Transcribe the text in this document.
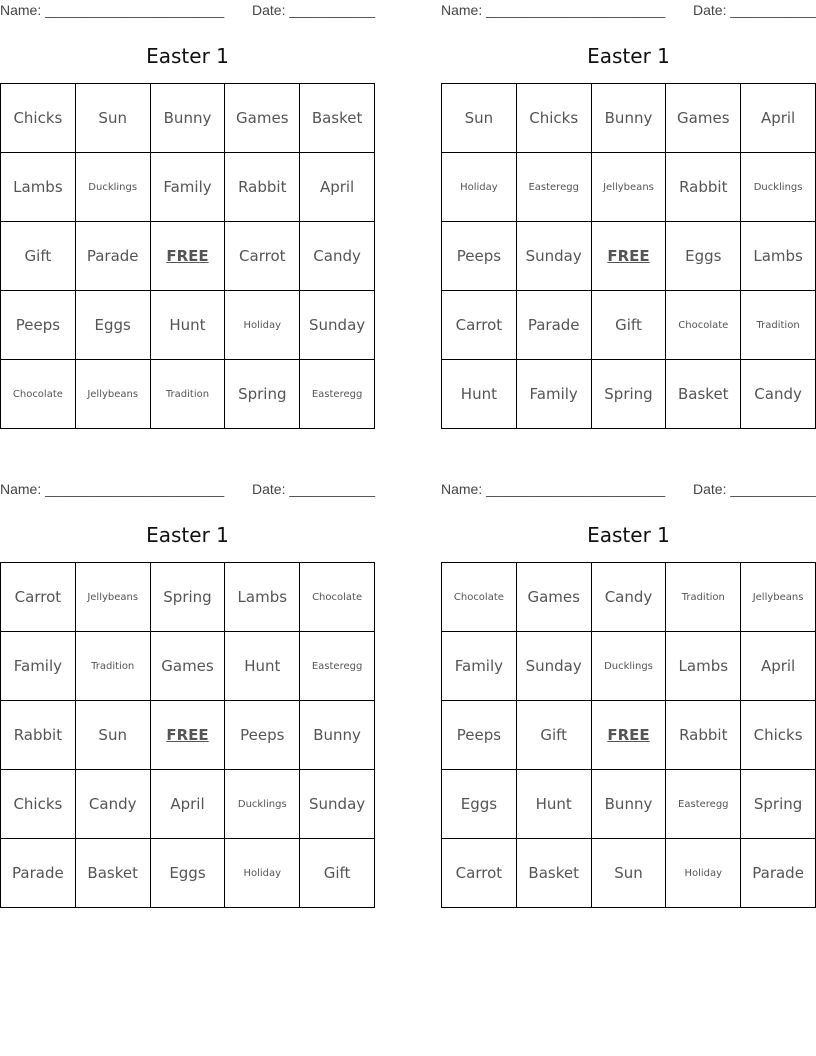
Name: _______________________ Date: ___________
Easter 1
Chicks	Sun	Bunny	Games	Basket
Lambs	Ducklings	Family	Rabbit	April
Gift	Parade	FREE	Carrot	Candy
Peeps	Eggs	Hunt	Holiday	Sunday
Chocolate	Jellybeans	Tradition	Spring	Easteregg
Name: _______________________ Date: ___________
Easter 1
Sun	Chicks	Bunny	Games	April
Holiday	Easteregg	Jellybeans	Rabbit	Ducklings
Peeps	Sunday	FREE	Eggs	Lambs
Carrot	Parade	Gift	Chocolate	Tradition
Hunt	Family	Spring	Basket	Candy
Name: _______________________ Date: ___________
Easter 1
Carrot	Jellybeans	Spring	Lambs	Chocolate
Family	Tradition	Games	Hunt	Easteregg
Rabbit	Sun	FREE	Peeps	Bunny
Chicks	Candy	April	Ducklings	Sunday
Parade	Basket	Eggs	Holiday	Gift
Name: _______________________ Date: ___________
Easter 1
Chocolate	Games	Candy	Tradition	Jellybeans
Family	Sunday	Ducklings	Lambs	April
Peeps	Gift	FREE	Rabbit	Chicks
Eggs	Hunt	Bunny	Easteregg	Spring
Carrot	Basket	Sun	Holiday	Parade
